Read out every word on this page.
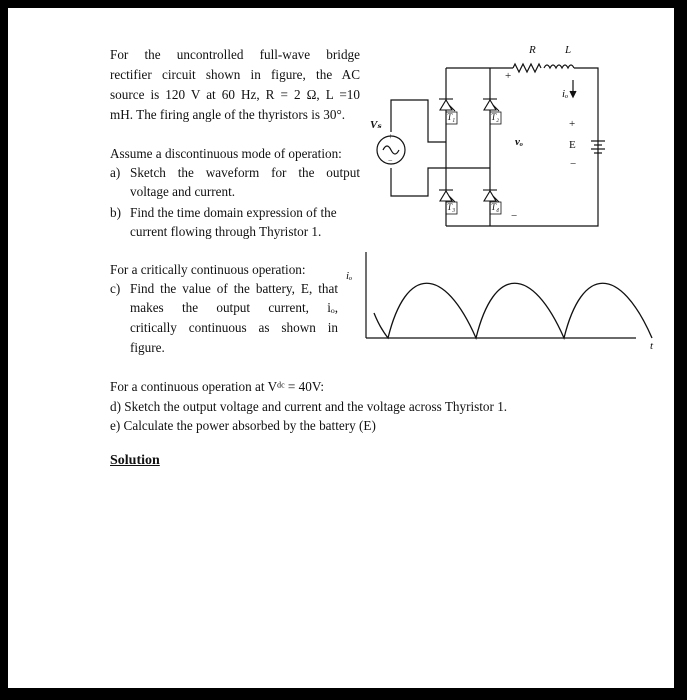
For the uncontrolled full-wave bridge
rectifier circuit shown in figure, the AC
source is 120 V at 60 Hz, R = 2 Ω, L =10
mH. The firing angle of the thyristors is 30°.
Assume a discontinuous mode of operation:
a) Sketch the waveform for the output
voltage and current.
b) Find the time domain expression of the
current flowing through Thyristor 1.
For a critically continuous operation:
c) Find the value of the battery, E, that
makes the output current, iₒ,
critically continuous as shown in
figure.
For a continuous operation at Vᵈᶜ = 40V:
d) Sketch the output voltage and current and the voltage across Thyristor 1.
e) Calculate the power absorbed by the battery (E)
Solution
R	L
+
iₒ
+
E
−
vₒ
−
Vₛ
+
−
T₁	T₂
T₃	T₄
iₒ
t
